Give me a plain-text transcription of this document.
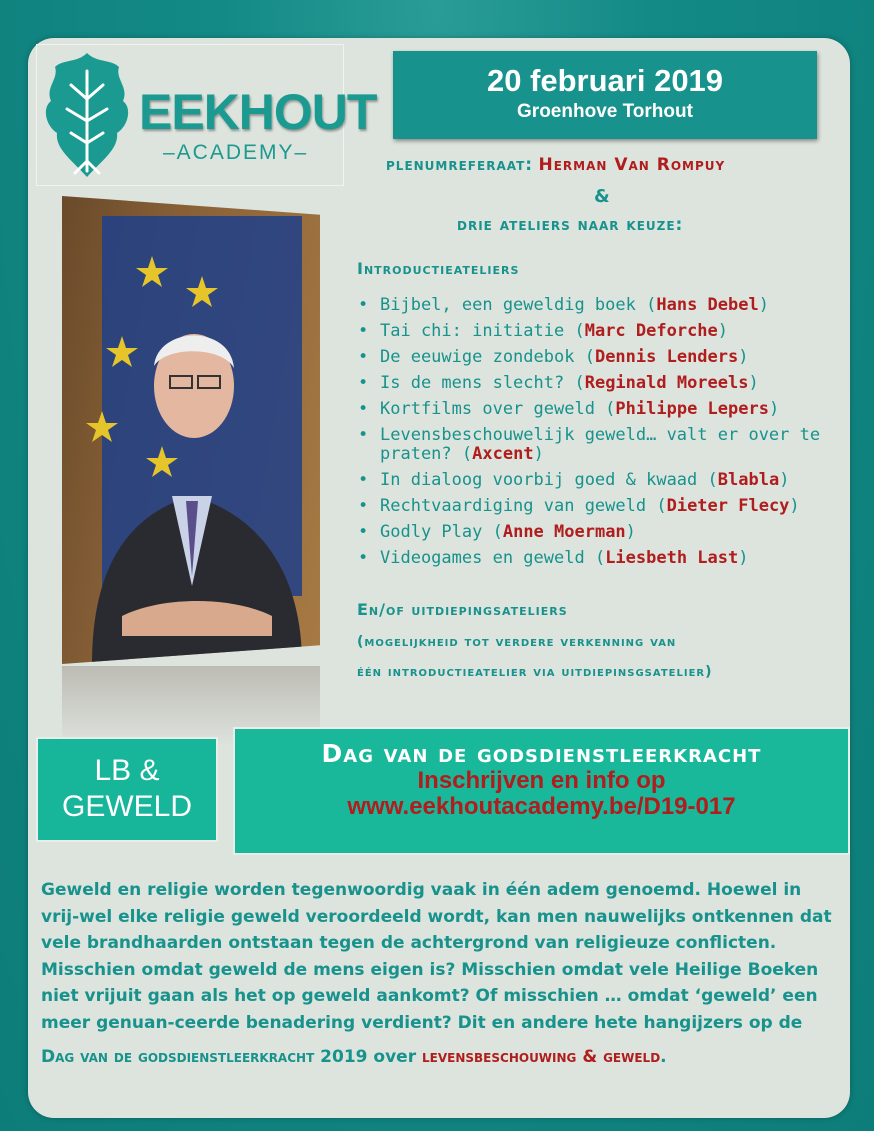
EEKHOUT
–ACADEMY–
20 februari 2019
Groenhove Torhout
plenumreferaat: Herman Van Rompuy
&
drie ateliers naar keuze:
Introductieateliers
• Bijbel, een geweldig boek (Hans Debel)
• Tai chi: initiatie (Marc Deforche)
• De eeuwige zondebok (Dennis Lenders)
• Is de mens slecht? (Reginald Moreels)
• Kortfilms over geweld (Philippe Lepers)
• Levensbeschouwelijk geweld… valt er over te praten? (Axcent)
• In dialoog voorbij goed & kwaad (Blabla)
• Rechtvaardiging van geweld (Dieter Flecy)
• Godly Play (Anne Moerman)
• Videogames en geweld (Liesbeth Last)
En/of uitdiepingsateliers
(mogelijkheid tot verdere verkenning van
één introductieatelier via uitdiepinsgsatelier)
LB &
GEWELD
Dag van de godsdienstleerkracht
Inschrijven en info op
www.eekhoutacademy.be/D19-017

Geweld en religie worden tegenwoordig vaak in één adem genoemd. Hoewel in vrij-wel elke religie geweld veroordeeld wordt, kan men nauwelijks ontkennen dat vele brandhaarden ontstaan tegen de achtergrond van religieuze conflicten. Misschien omdat geweld de mens eigen is? Misschien omdat vele Heilige Boeken niet vrijuit gaan als het op geweld aankomt? Of misschien … omdat ‘geweld’ een meer genuan-ceerde benadering verdient? Dit en andere hete hangijzers op de

Dag van de godsdienstleerkracht 2019 over levensbeschouwing & geweld.
